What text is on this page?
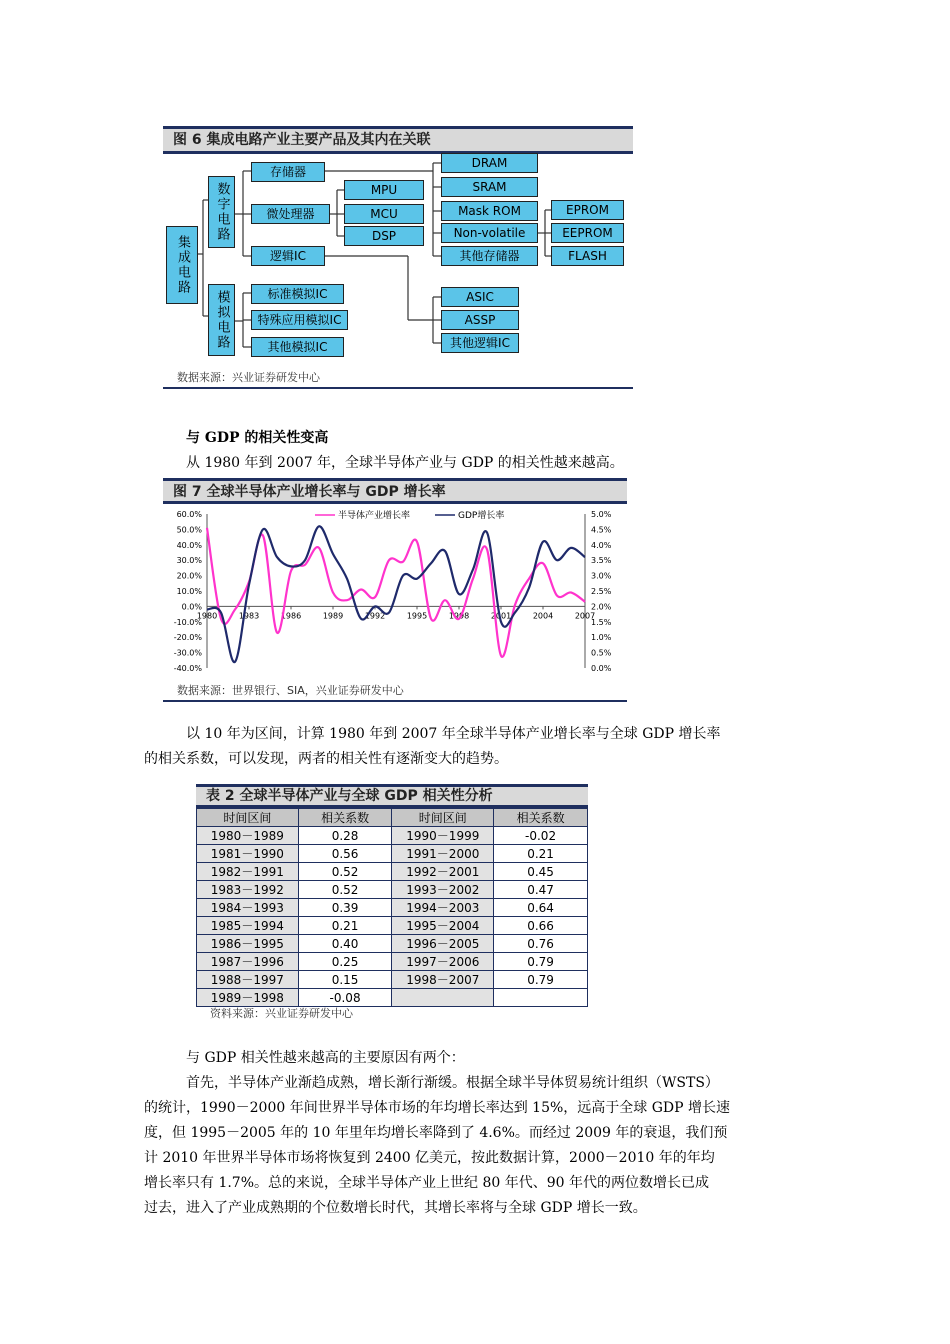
图 6 集成电路产业主要产品及其内在关联
集成电路
数字电路
模拟电路
存储器
微处理器
逻辑IC
标准模拟IC
特殊应用模拟IC
其他模拟IC
MPU
MCU
DSP
DRAM
SRAM
Mask ROM
Non-volatile
其他存储器
EPROM
EEPROM
FLASH
ASIC
ASSP
其他逻辑IC
数据来源：兴业证券研发中心
与 GDP 的相关性变高
从 1980 年到 2007 年，全球半导体产业与 GDP 的相关性越来越高。
图 7 全球半导体产业增长率与 GDP 增长率
60.0%
50.0%
40.0%
30.0%
20.0%
10.0%
0.0%
-10.0%
-20.0%
-30.0%
-40.0%
5.0%
4.5%
4.0%
3.5%
3.0%
2.5%
2.0%
1.5%
1.0%
0.5%
0.0%
1980	1983	1986	1989	1992	1995	1998	2001	2004	2007
半导体产业增长率	GDP增长率
数据来源：世界银行、SIA，兴业证券研发中心
以 10 年为区间，计算 1980 年到 2007 年全球半导体产业增长率与全球 GDP 增长率
的相关系数，可以发现，两者的相关性有逐渐变大的趋势。
表 2 全球半导体产业与全球 GDP 相关性分析
时间区间	相关系数	时间区间	相关系数
1980－1989	0.28	1990－1999	-0.02
1981－1990	0.56	1991－2000	0.21
1982－1991	0.52	1992－2001	0.45
1983－1992	0.52	1993－2002	0.47
1984－1993	0.39	1994－2003	0.64
1985－1994	0.21	1995－2004	0.66
1986－1995	0.40	1996－2005	0.76
1987－1996	0.25	1997－2006	0.79
1988－1997	0.15	1998－2007	0.79
1989－1998	-0.08		
资料来源：兴业证券研发中心
与 GDP 相关性越来越高的主要原因有两个：
首先，半导体产业渐趋成熟，增长渐行渐缓。根据全球半导体贸易统计组织（WSTS）
的统计，1990－2000 年间世界半导体市场的年均增长率达到 15%，远高于全球 GDP 增长速
度，但 1995－2005 年的 10 年里年均增长率降到了 4.6%。而经过 2009 年的衰退，我们预
计 2010 年世界半导体市场将恢复到 2400 亿美元，按此数据计算，2000－2010 年的年均
增长率只有 1.7%。总的来说，全球半导体产业上世纪 80 年代、90 年代的两位数增长已成
过去，进入了产业成熟期的个位数增长时代，其增长率将与全球 GDP 增长一致。
